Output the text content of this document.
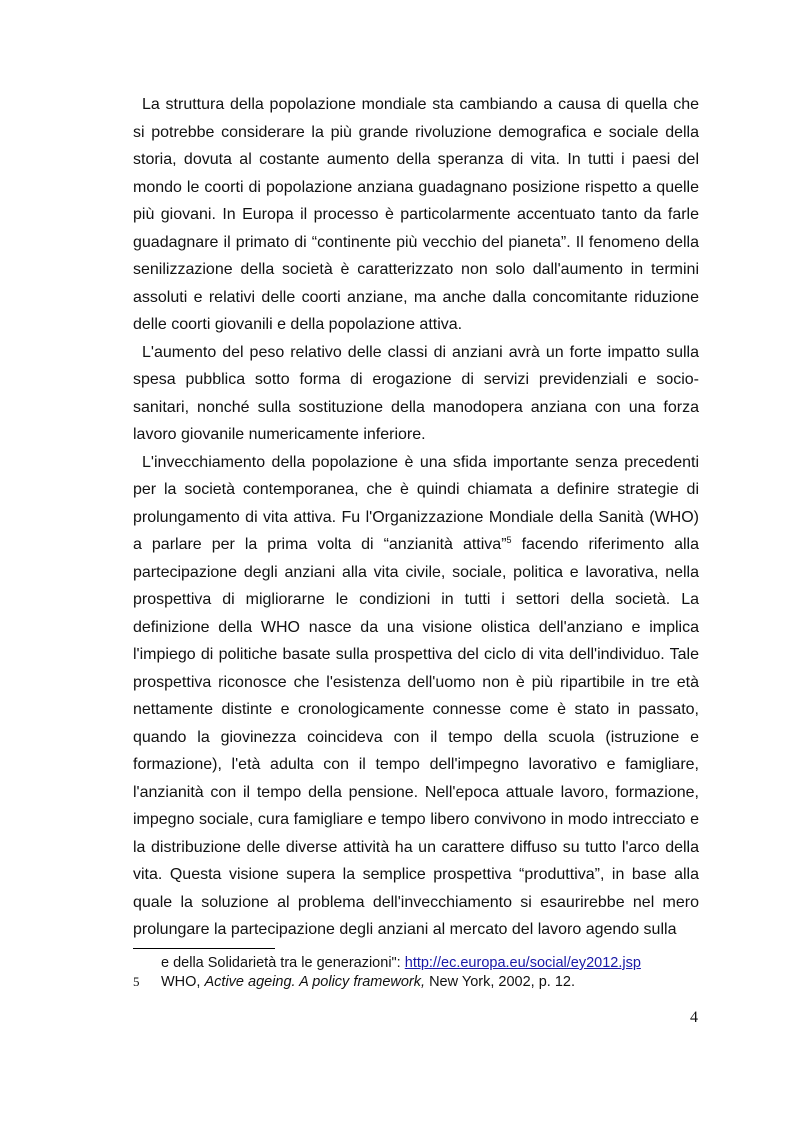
La struttura della popolazione mondiale sta cambiando a causa di quella che si potrebbe considerare la più grande rivoluzione demografica e sociale della storia, dovuta al costante aumento della speranza di vita. In tutti i paesi del mondo le coorti di popolazione anziana guadagnano posizione rispetto a quelle più giovani. In Europa il processo è particolarmente accentuato tanto da farle guadagnare il primato di “continente più vecchio del pianeta”. Il fenomeno della senilizzazione della società è caratterizzato non solo dall'aumento in termini assoluti e relativi delle coorti anziane, ma anche dalla concomitante riduzione delle coorti giovanili e della popolazione attiva.

L'aumento del peso relativo delle classi di anziani avrà un forte impatto sulla spesa pubblica sotto forma di erogazione di servizi previdenziali e socio-sanitari, nonché sulla sostituzione della manodopera anziana con una forza lavoro giovanile numericamente inferiore.

L'invecchiamento della popolazione è una sfida importante senza precedenti per la società contemporanea, che è quindi chiamata a definire strategie di prolungamento di vita attiva. Fu l'Organizzazione Mondiale della Sanità (WHO) a parlare per la prima volta di “anzianità attiva”$^5$ facendo riferimento alla partecipazione degli anziani alla vita civile, sociale, politica e lavorativa, nella prospettiva di migliorarne le condizioni in tutti i settori della società. La definizione della WHO nasce da una visione olistica dell'anziano e implica l'impiego di politiche basate sulla prospettiva del ciclo di vita dell'individuo. Tale prospettiva riconosce che l'esistenza dell'uomo non è più ripartibile in tre età nettamente distinte e cronologicamente connesse come è stato in passato, quando la giovinezza coincideva con il tempo della scuola (istruzione e formazione), l'età adulta con il tempo dell'impegno lavorativo e famigliare, l'anzianità con il tempo della pensione. Nell'epoca attuale lavoro, formazione, impegno sociale, cura famigliare e tempo libero convivono in modo intrecciato e la distribuzione delle diverse attività ha un carattere diffuso su tutto l'arco della vita. Questa visione supera la semplice prospettiva “produttiva”, in base alla quale la soluzione al problema dell'invecchiamento si esaurirebbe nel mero prolungare la partecipazione degli anziani al mercato del lavoro agendo sulla

e della Solidarietà tra le generazioni": http://ec.europa.eu/social/ey2012.jsp
5 WHO, Active ageing. A policy framework, New York, 2002, p. 12.
4
